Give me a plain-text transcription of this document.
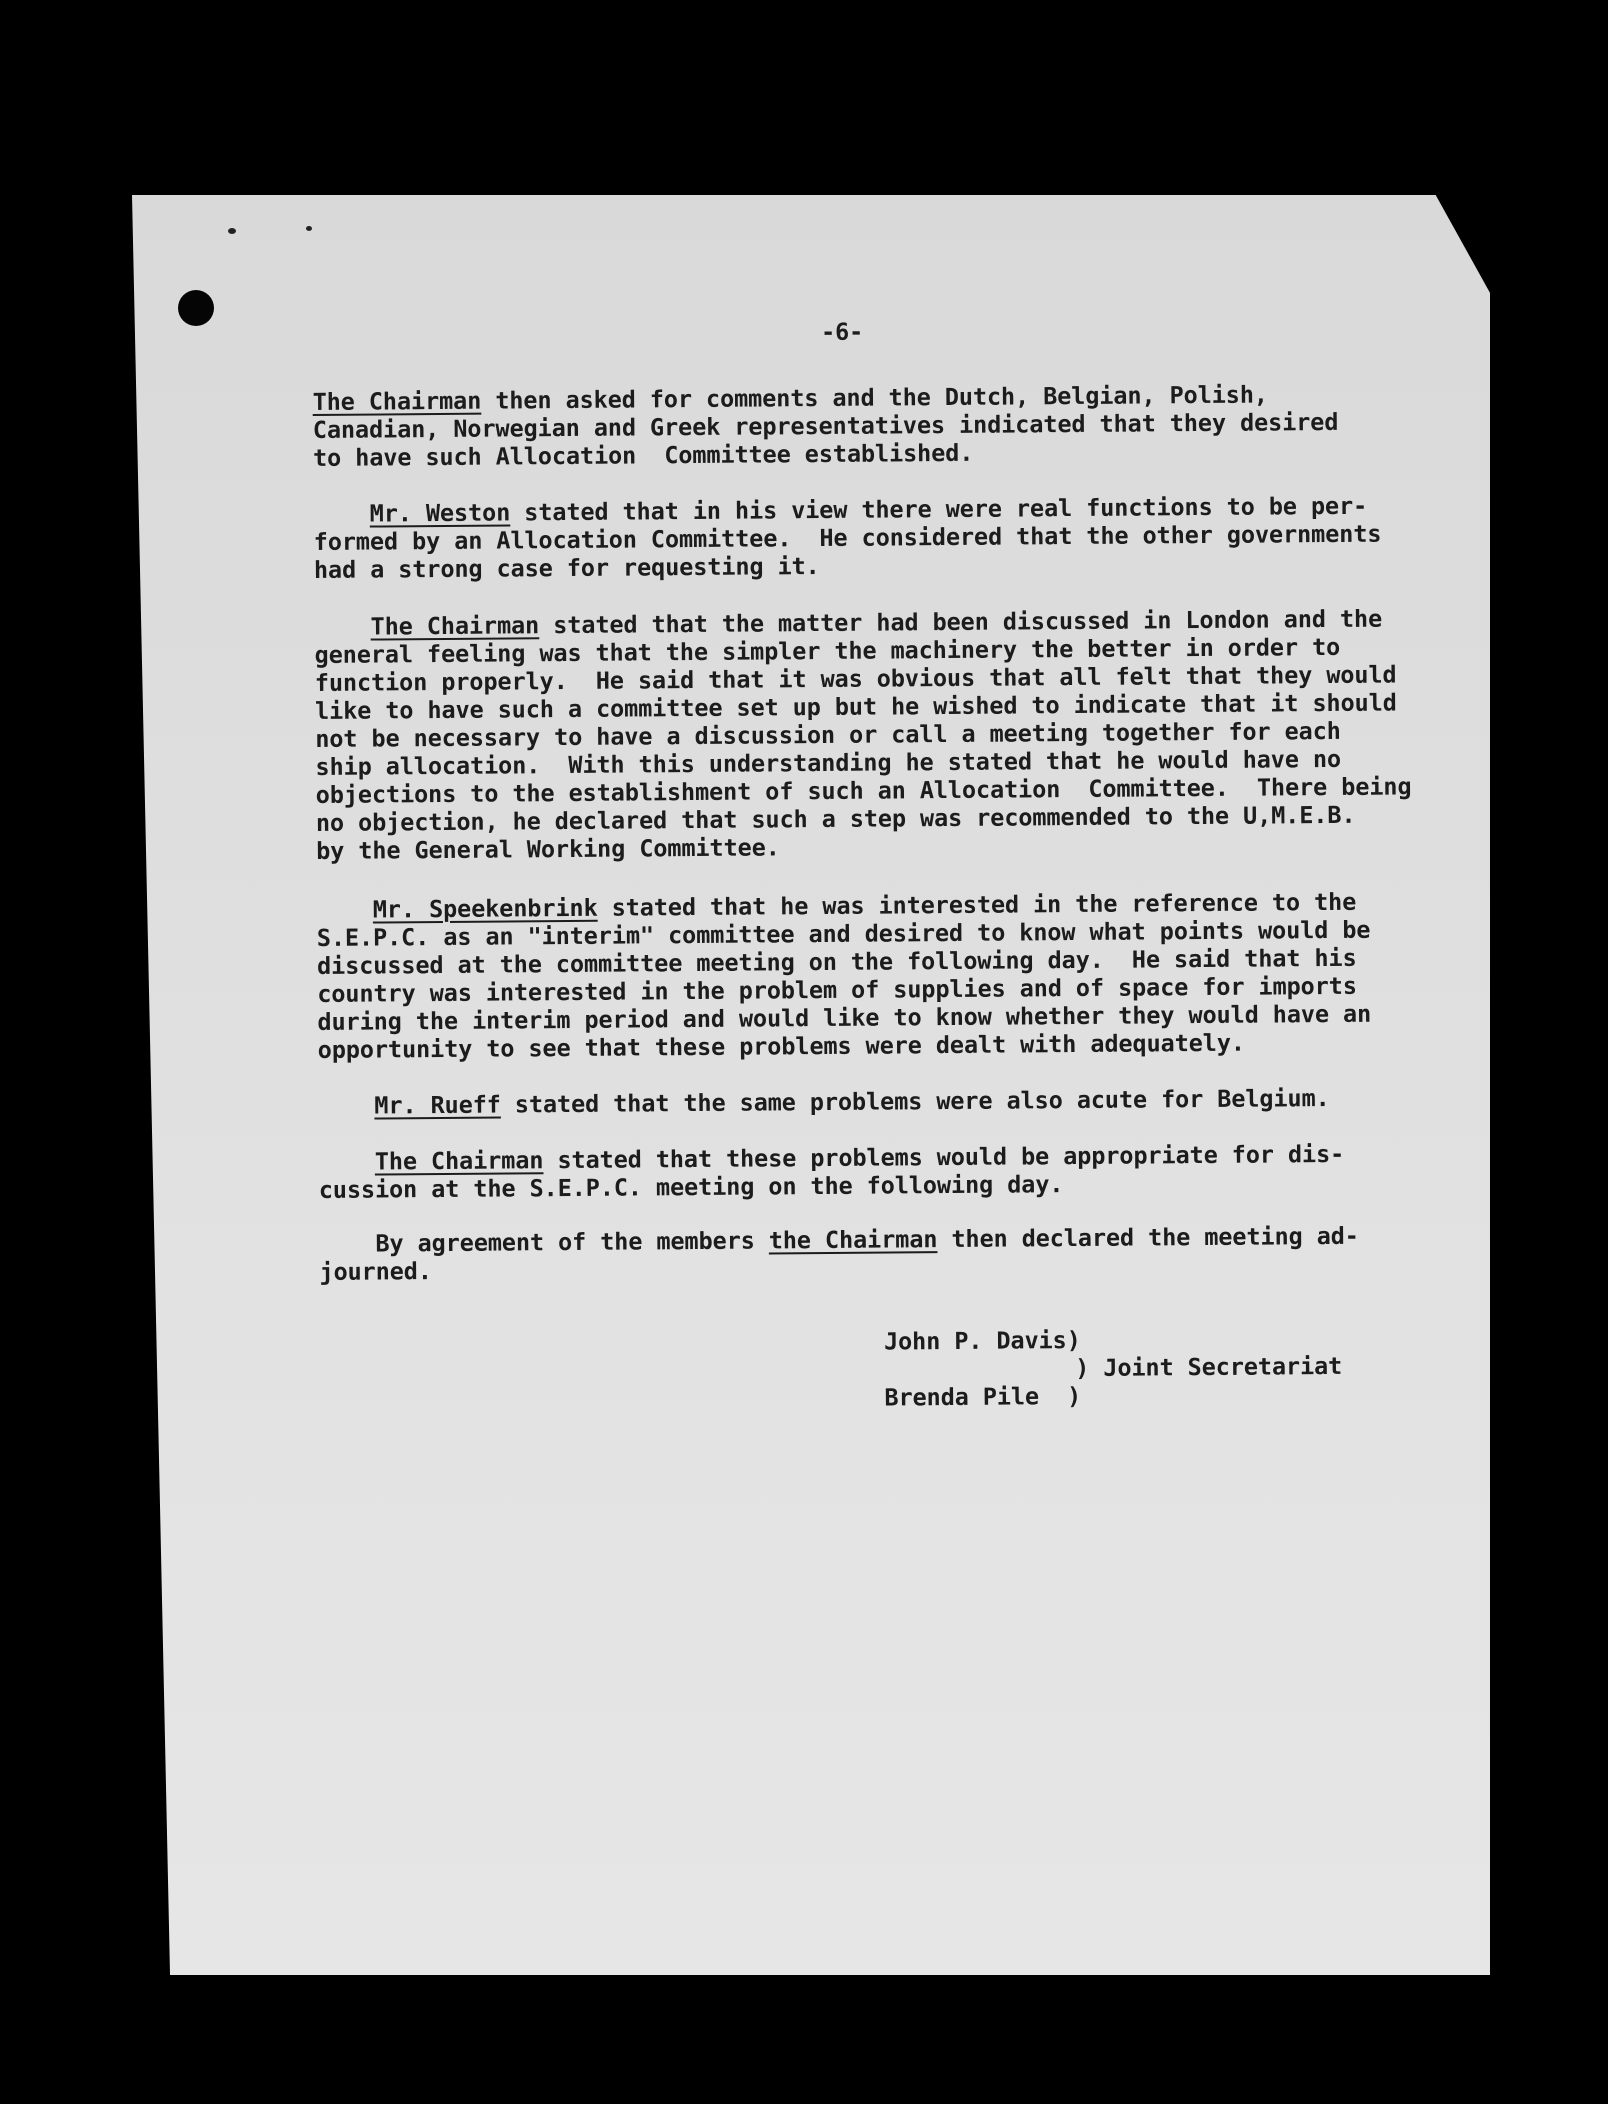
-6-
The Chairman then asked for comments and the Dutch, Belgian, Polish,
Canadian, Norwegian and Greek representatives indicated that they desired
to have such Allocation  Committee established.
Mr. Weston stated that in his view there were real functions to be per-
formed by an Allocation Committee.  He considered that the other governments
had a strong case for requesting it.
The Chairman stated that the matter had been discussed in London and the
general feeling was that the simpler the machinery the better in order to
function properly.  He said that it was obvious that all felt that they would
like to have such a committee set up but he wished to indicate that it should
not be necessary to have a discussion or call a meeting together for each
ship allocation.  With this understanding he stated that he would have no
objections to the establishment of such an Allocation  Committee.  There being
no objection, he declared that such a step was recommended to the U,M.E.B.
by the General Working Committee.
Mr. Speekenbrink stated that he was interested in the reference to the
S.E.P.C. as an "interim" committee and desired to know what points would be
discussed at the committee meeting on the following day.  He said that his
country was interested in the problem of supplies and of space for imports
during the interim period and would like to know whether they would have an
opportunity to see that these problems were dealt with adequately.
Mr. Rueff stated that the same problems were also acute for Belgium.
The Chairman stated that these problems would be appropriate for dis-
cussion at the S.E.P.C. meeting on the following day.
By agreement of the members the Chairman then declared the meeting ad-
journed.
John P. Davis)
) Joint Secretariat
Brenda Pile  )
